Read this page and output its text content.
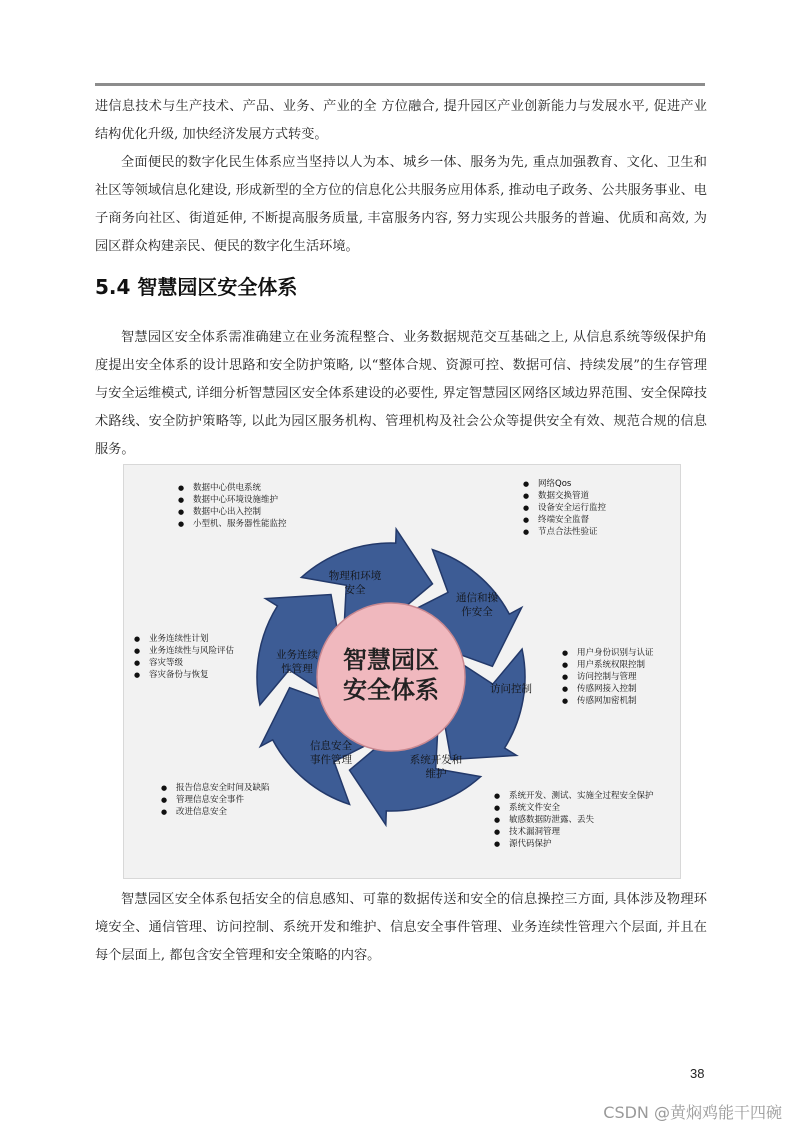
进信息技术与生产技术、产品、业务、产业的全 方位融合, 提升园区产业创新能力与发展水平, 促进产业结构优化升级, 加快经济发展方式转变。

全面便民的数字化民生体系应当坚持以人为本、城乡一体、服务为先, 重点加强教育、文化、卫生和社区等领域信息化建设, 形成新型的全方位的信息化公共服务应用体系, 推动电子政务、公共服务事业、电子商务向社区、街道延伸, 不断提高服务质量, 丰富服务内容, 努力实现公共服务的普遍、优质和高效, 为园区群众构建亲民、便民的数字化生活环境。

5.4 智慧园区安全体系

智慧园区安全体系需准确建立在业务流程整合、业务数据规范交互基础之上, 从信息系统等级保护角度提出安全体系的设计思路和安全防护策略, 以“整体合规、资源可控、数据可信、持续发展”的生存管理与安全运维模式, 详细分析智慧园区安全体系建设的必要性, 界定智慧园区网络区域边界范围、安全保障技术路线、安全防护策略等, 以此为园区服务机构、管理机构及社会公众等提供安全有效、规范合规的信息服务。

智慧园区
安全体系
物理和环境
安全
通信和操
作安全
访问控制
系统开发和
维护
信息安全
事件管理
业务连续
性管理
● 数据中心供电系统
● 数据中心环境设施维护
● 数据中心出入控制
● 小型机、服务器性能监控
● 网络Qos
● 数据交换管道
● 设备安全运行监控
● 终端安全监督
● 节点合法性验证
● 用户身份识别与认证
● 用户系统权限控制
● 访问控制与管理
● 传感网接入控制
● 传感网加密机制
● 系统开发、测试、实施全过程安全保护
● 系统文件安全
● 敏感数据防泄露、丢失
● 技术漏洞管理
● 源代码保护
● 报告信息安全时间及缺陷
● 管理信息安全事件
● 改进信息安全
● 业务连续性计划
● 业务连续性与风险评估
● 容灾等级
● 容灾备份与恢复

智慧园区安全体系包括安全的信息感知、可靠的数据传送和安全的信息操控三方面, 具体涉及物理环境安全、通信管理、访问控制、系统开发和维护、信息安全事件管理、业务连续性管理六个层面, 并且在每个层面上, 都包含安全管理和安全策略的内容。

38
CSDN @黄焖鸡能干四碗
